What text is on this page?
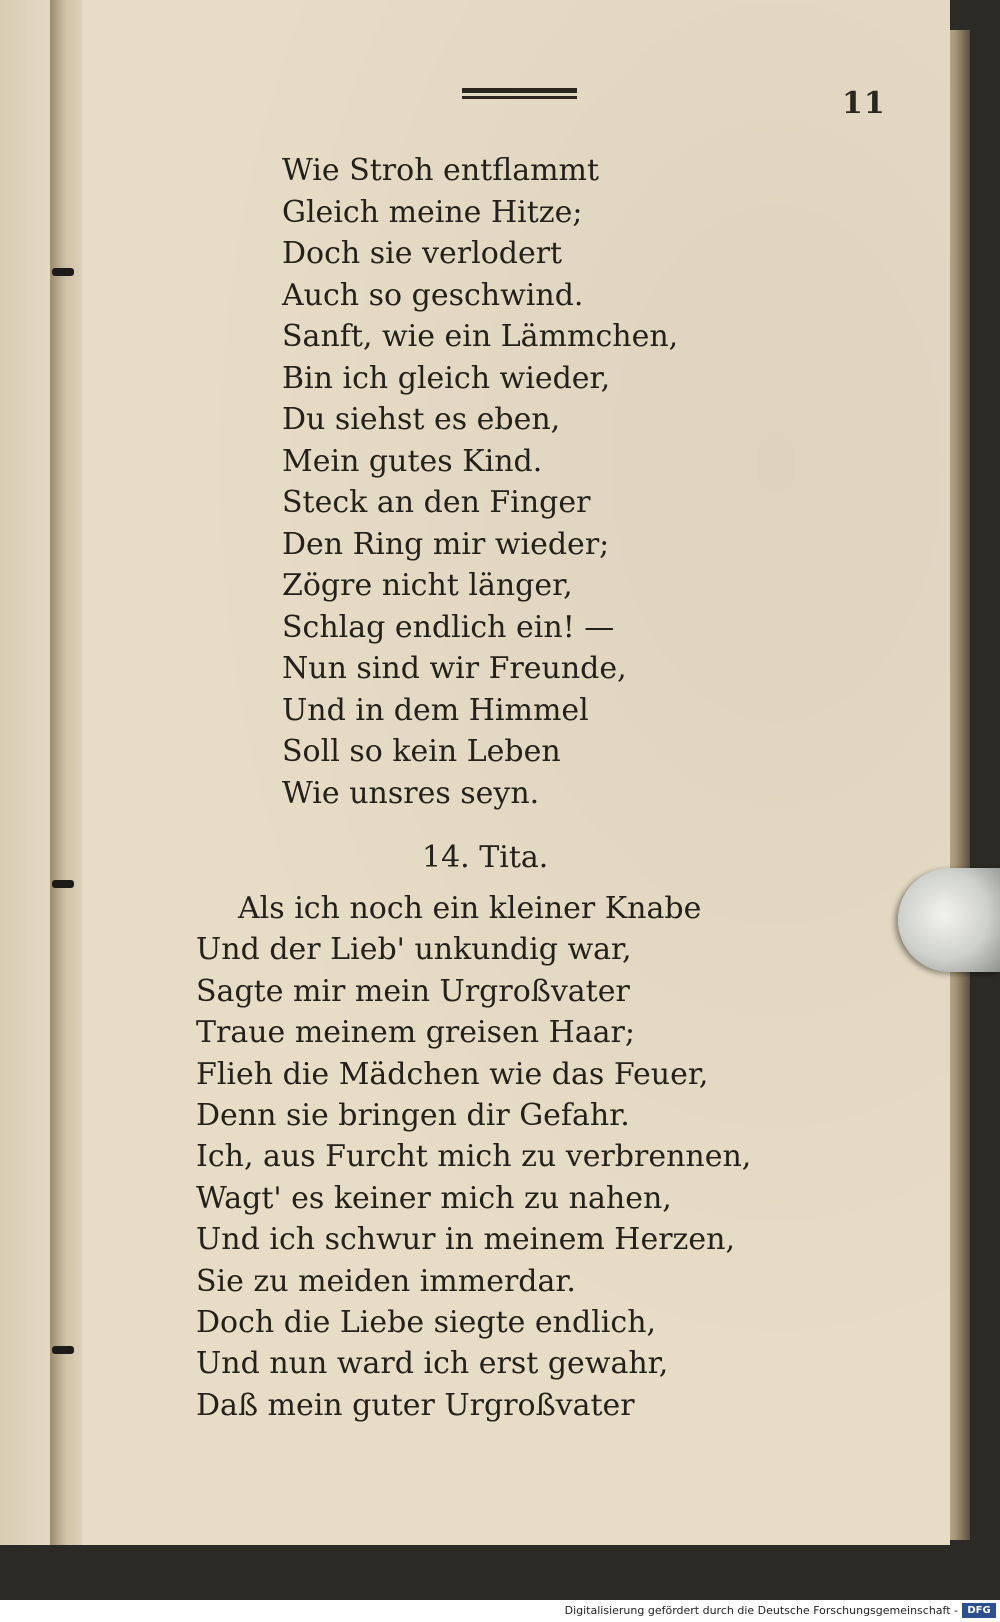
11
Wie Stroh entflammt
Gleich meine Hitze;
Doch sie verlodert
Auch so geschwind.
Sanft, wie ein Lämmchen,
Bin ich gleich wieder,
Du siehst es eben,
Mein gutes Kind.
Steck an den Finger
Den Ring mir wieder;
Zögre nicht länger,
Schlag endlich ein! —
Nun sind wir Freunde,
Und in dem Himmel
Soll so kein Leben
Wie unsres seyn.
14. Tita.
Als ich noch ein kleiner Knabe
Und der Lieb' unkundig war,
Sagte mir mein Urgroßvater
Traue meinem greisen Haar;
Flieh die Mädchen wie das Feuer,
Denn sie bringen dir Gefahr.
Ich, aus Furcht mich zu verbrennen,
Wagt' es keiner mich zu nahen,
Und ich schwur in meinem Herzen,
Sie zu meiden immerdar.
Doch die Liebe siegte endlich,
Und nun ward ich erst gewahr,
Daß mein guter Urgroßvater
Digitalisierung gefördert durch die Deutsche Forschungsgemeinschaft - DFG
